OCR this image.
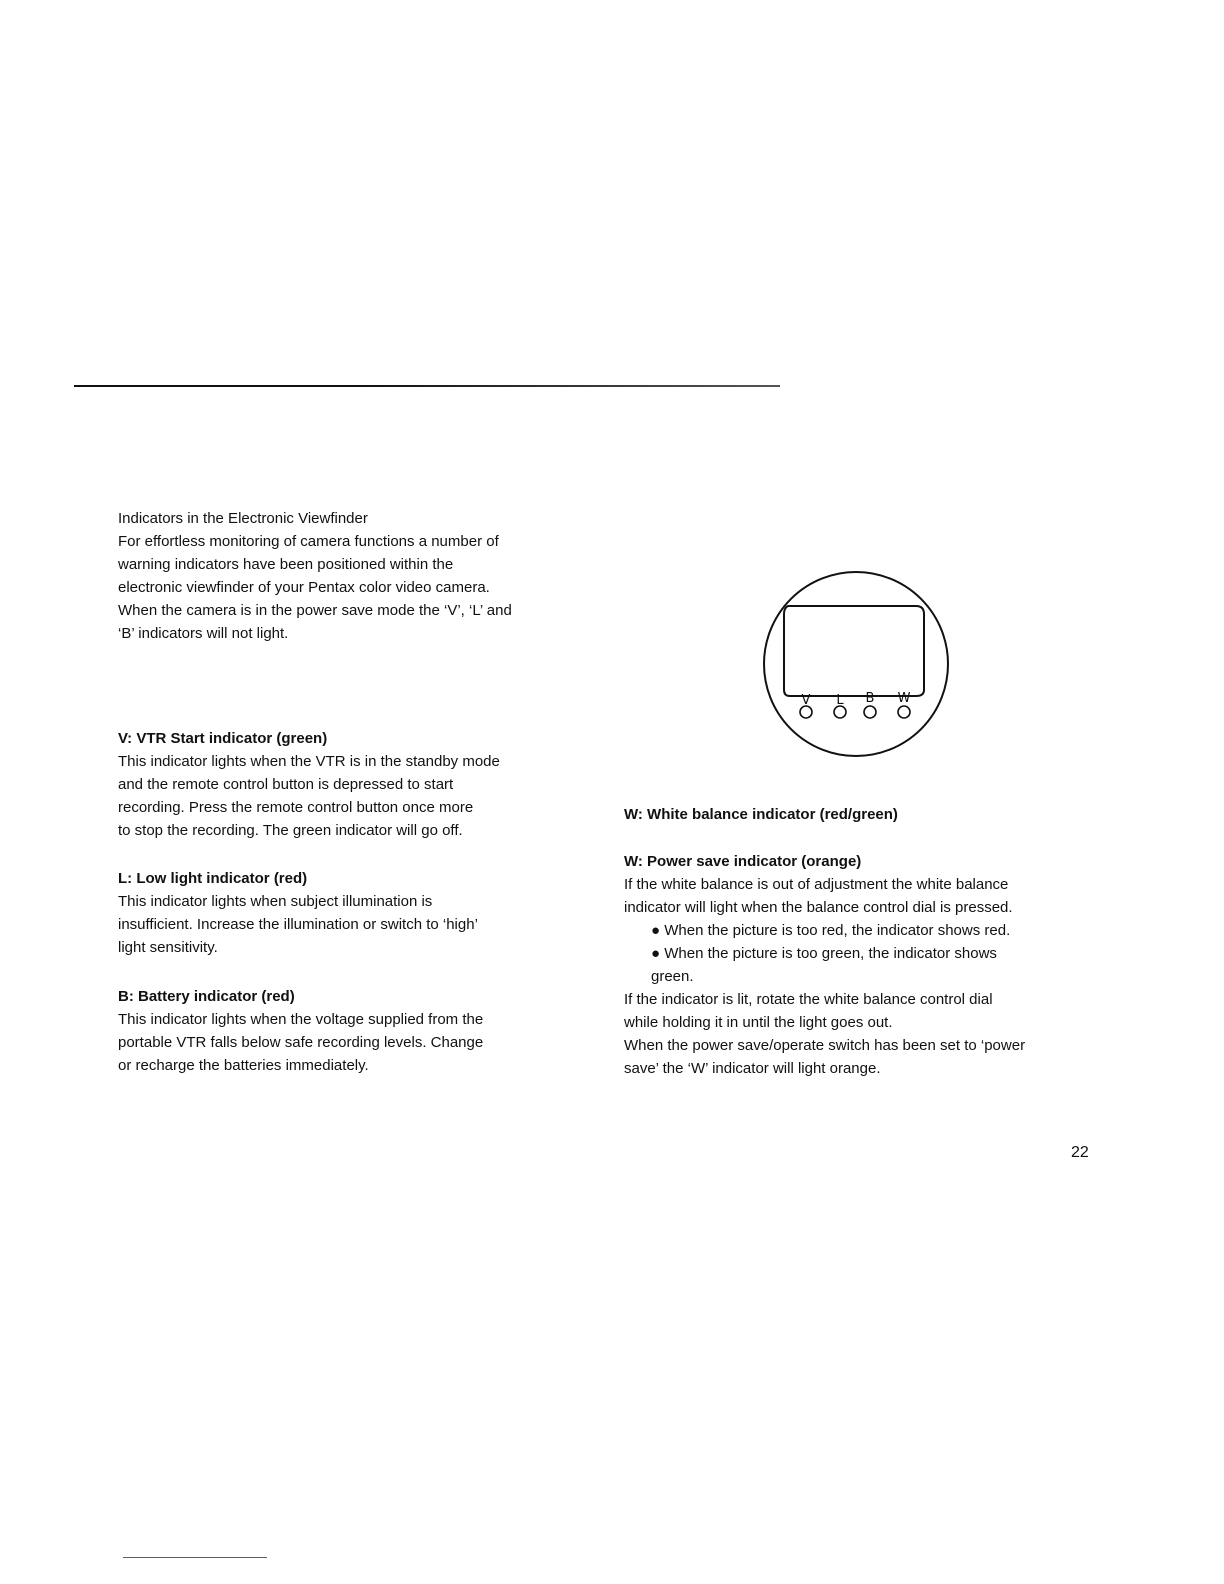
Indicators in the Electronic Viewfinder

For effortless monitoring of camera functions a number of

warning indicators have been positioned within the

electronic viewfinder of your Pentax color video camera.

When the camera is in the power save mode the ‘V’, ‘L’ and

‘B’ indicators will not light.

V: VTR Start indicator (green)

This indicator lights when the VTR is in the standby mode

and the remote control button is depressed to start

recording. Press the remote control button once more

to stop the recording. The green indicator will go off.

L: Low light indicator (red)

This indicator lights when subject illumination is

insufficient. Increase the illumination or switch to ‘high’

light sensitivity.

B: Battery indicator (red)

This indicator lights when the voltage supplied from the

portable VTR falls below safe recording levels. Change

or recharge the batteries immediately.

V L B W

W: White balance indicator (red/green)

W: Power save indicator (orange)

If the white balance is out of adjustment the white balance

indicator will light when the balance control dial is pressed.

● When the picture is too red, the indicator shows red.

● When the picture is too green, the indicator shows

green.

If the indicator is lit, rotate the white balance control dial

while holding it in until the light goes out.

When the power save/operate switch has been set to ‘power

save’ the ‘W’ indicator will light orange.

22
